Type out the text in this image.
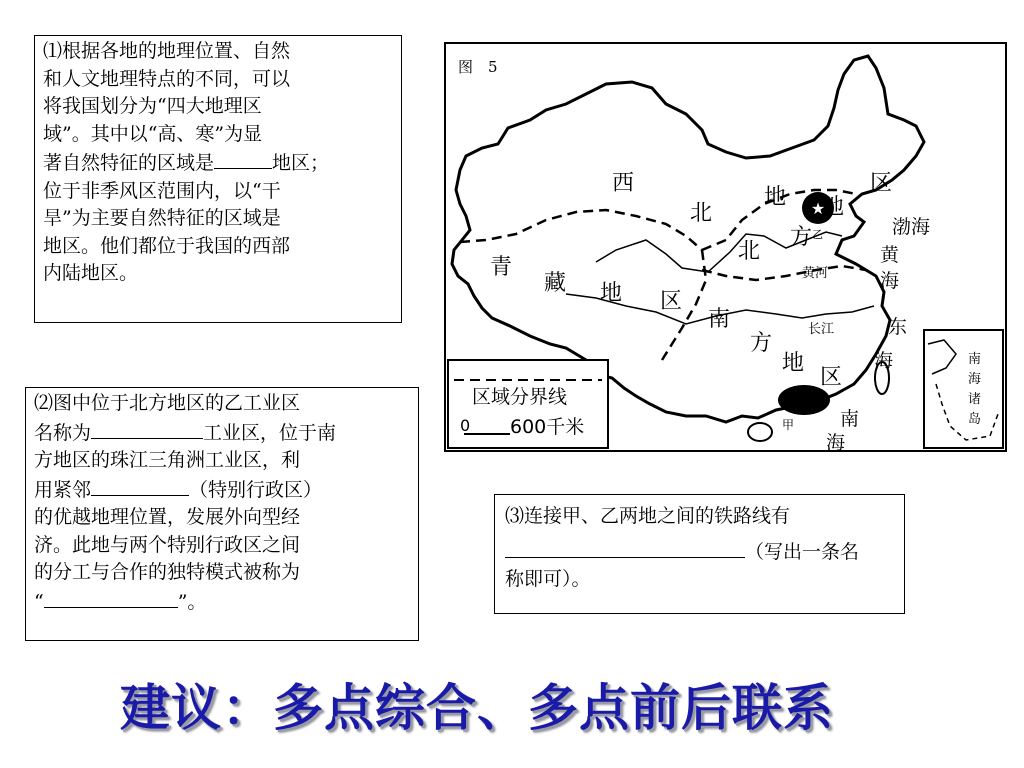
⑴根据各地的地理位置、自然
和人文地理特点的不同，可以
将我国划分为“四大地理区
域”。其中以“高、寒”为显
著自然特征的区域是	地区；
位于非季风区范围内，以“干
旱”为主要自然特征的区域是
地区。他们都位于我国的西部
内陆地区。
⑵图中位于北方地区的乙工业区
名称为	工业区，位于南
方地区的珠江三角洲工业区，利
用紧邻	（特别行政区）
的优越地理位置，发展外向型经
济。此地与两个特别行政区之间
的分工与合作的独特模式被称为
“	”。
⑶连接甲、乙两地之间的铁路线有
（写出一条名
称即可）。
★
图　5
西
北
地
区
青
藏 地 区
北
方
地
南
方
地
区
渤海
黄
海
东
海
南
海
黄河
长江
乙
甲
区域分界线
0 600千米
南
海
诸
岛
建议：多点综合、多点前后联系
